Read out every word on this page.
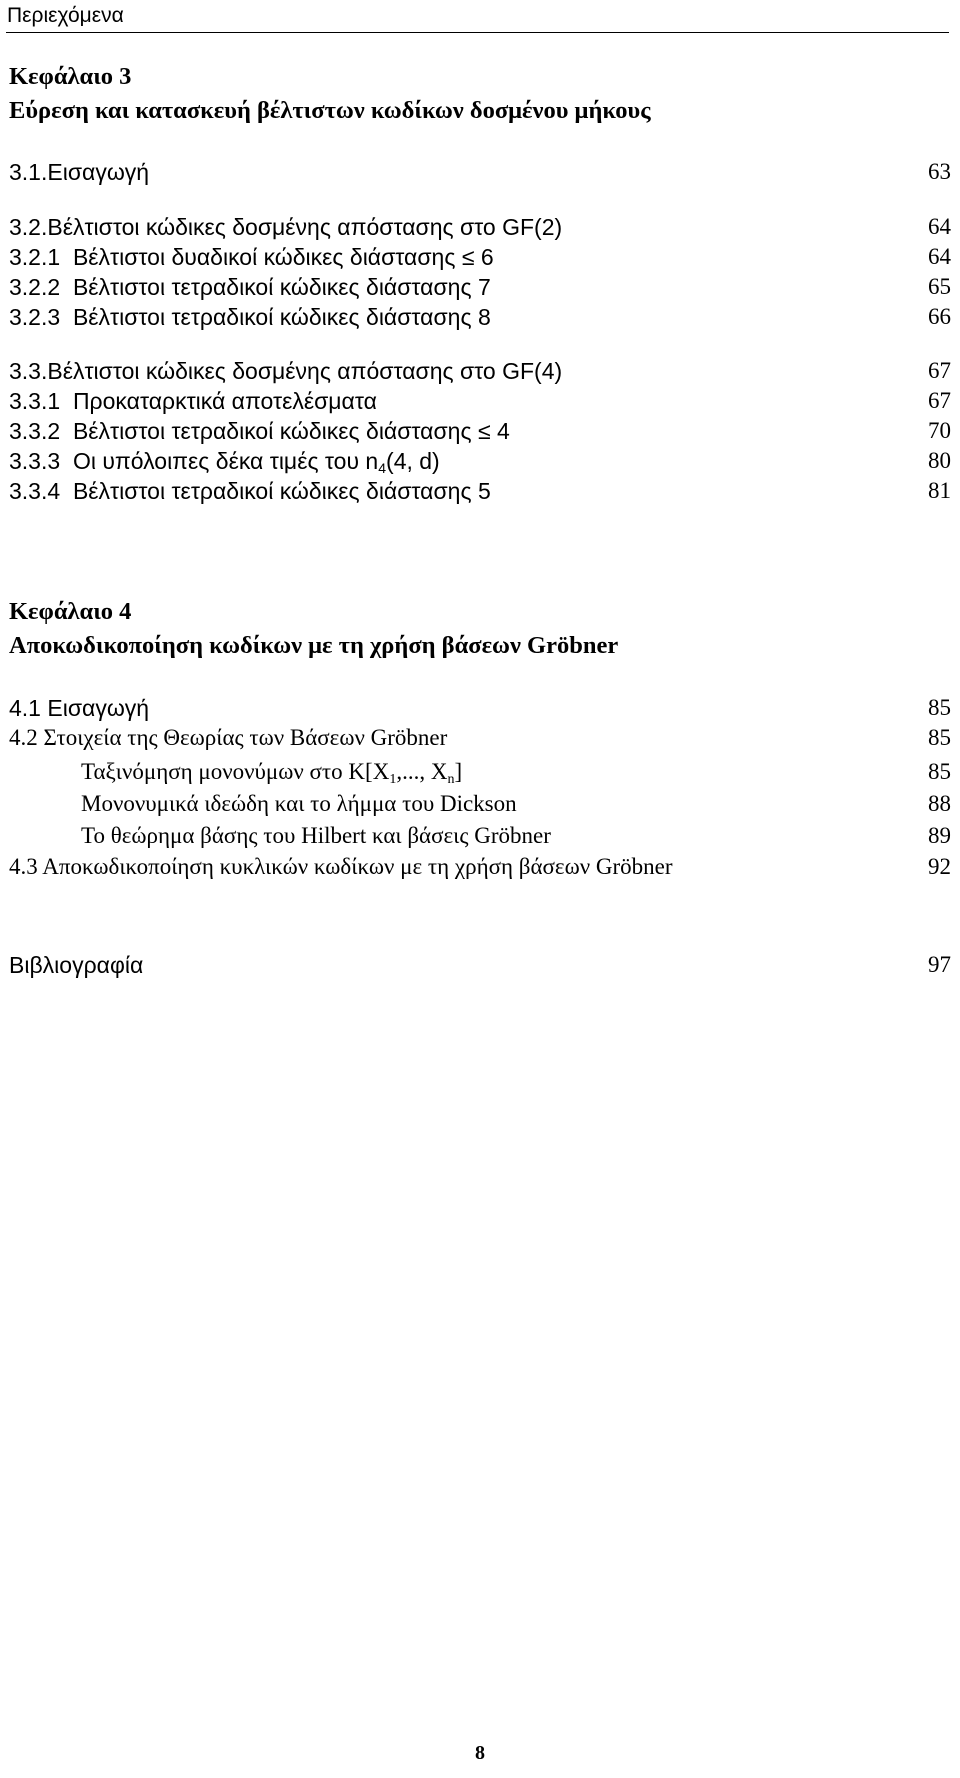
Περιεχόμενα
Κεφάλαιο 3
Εύρεση και κατασκευή βέλτιστων κωδίκων δοσμένου μήκους
3.1.Εισαγωγή	63
3.2.Βέλτιστοι κώδικες δοσμένης απόστασης στο GF(2)	64
3.2.1 Βέλτιστοι δυαδικοί κώδικες διάστασης ≤ 6	64
3.2.2 Βέλτιστοι τετραδικοί κώδικες διάστασης 7	65
3.2.3 Βέλτιστοι τετραδικοί κώδικες διάστασης 8	66
3.3.Βέλτιστοι κώδικες δοσμένης απόστασης στο GF(4)	67
3.3.1 Προκαταρκτικά αποτελέσματα	67
3.3.2 Βέλτιστοι τετραδικοί κώδικες διάστασης ≤ 4	70
3.3.3 Οι υπόλοιπες δέκα τιμές του $n_4(4$, d)	80
3.3.4 Βέλτιστοι τετραδικοί κώδικες διάστασης 5	81
Κεφάλαιο 4
Αποκωδικοποίηση κωδίκων με τη χρήση βάσεων Gröbner
4.1 Εισαγωγή	85
4.2 Στοιχεία της Θεωρίας των Βάσεων Gröbner	85
Ταξινόμηση μονονύμων στο $K[X_1$,..., $X_n$]	85
Μονονυμικά ιδεώδη και το λήμμα του Dickson	88
Το θεώρημα βάσης του Hilbert και βάσεις Gröbner	89
4.3 Αποκωδικοποίηση κυκλικών κωδίκων με τη χρήση βάσεων Gröbner	92
Βιβλιογραφία	97
8
